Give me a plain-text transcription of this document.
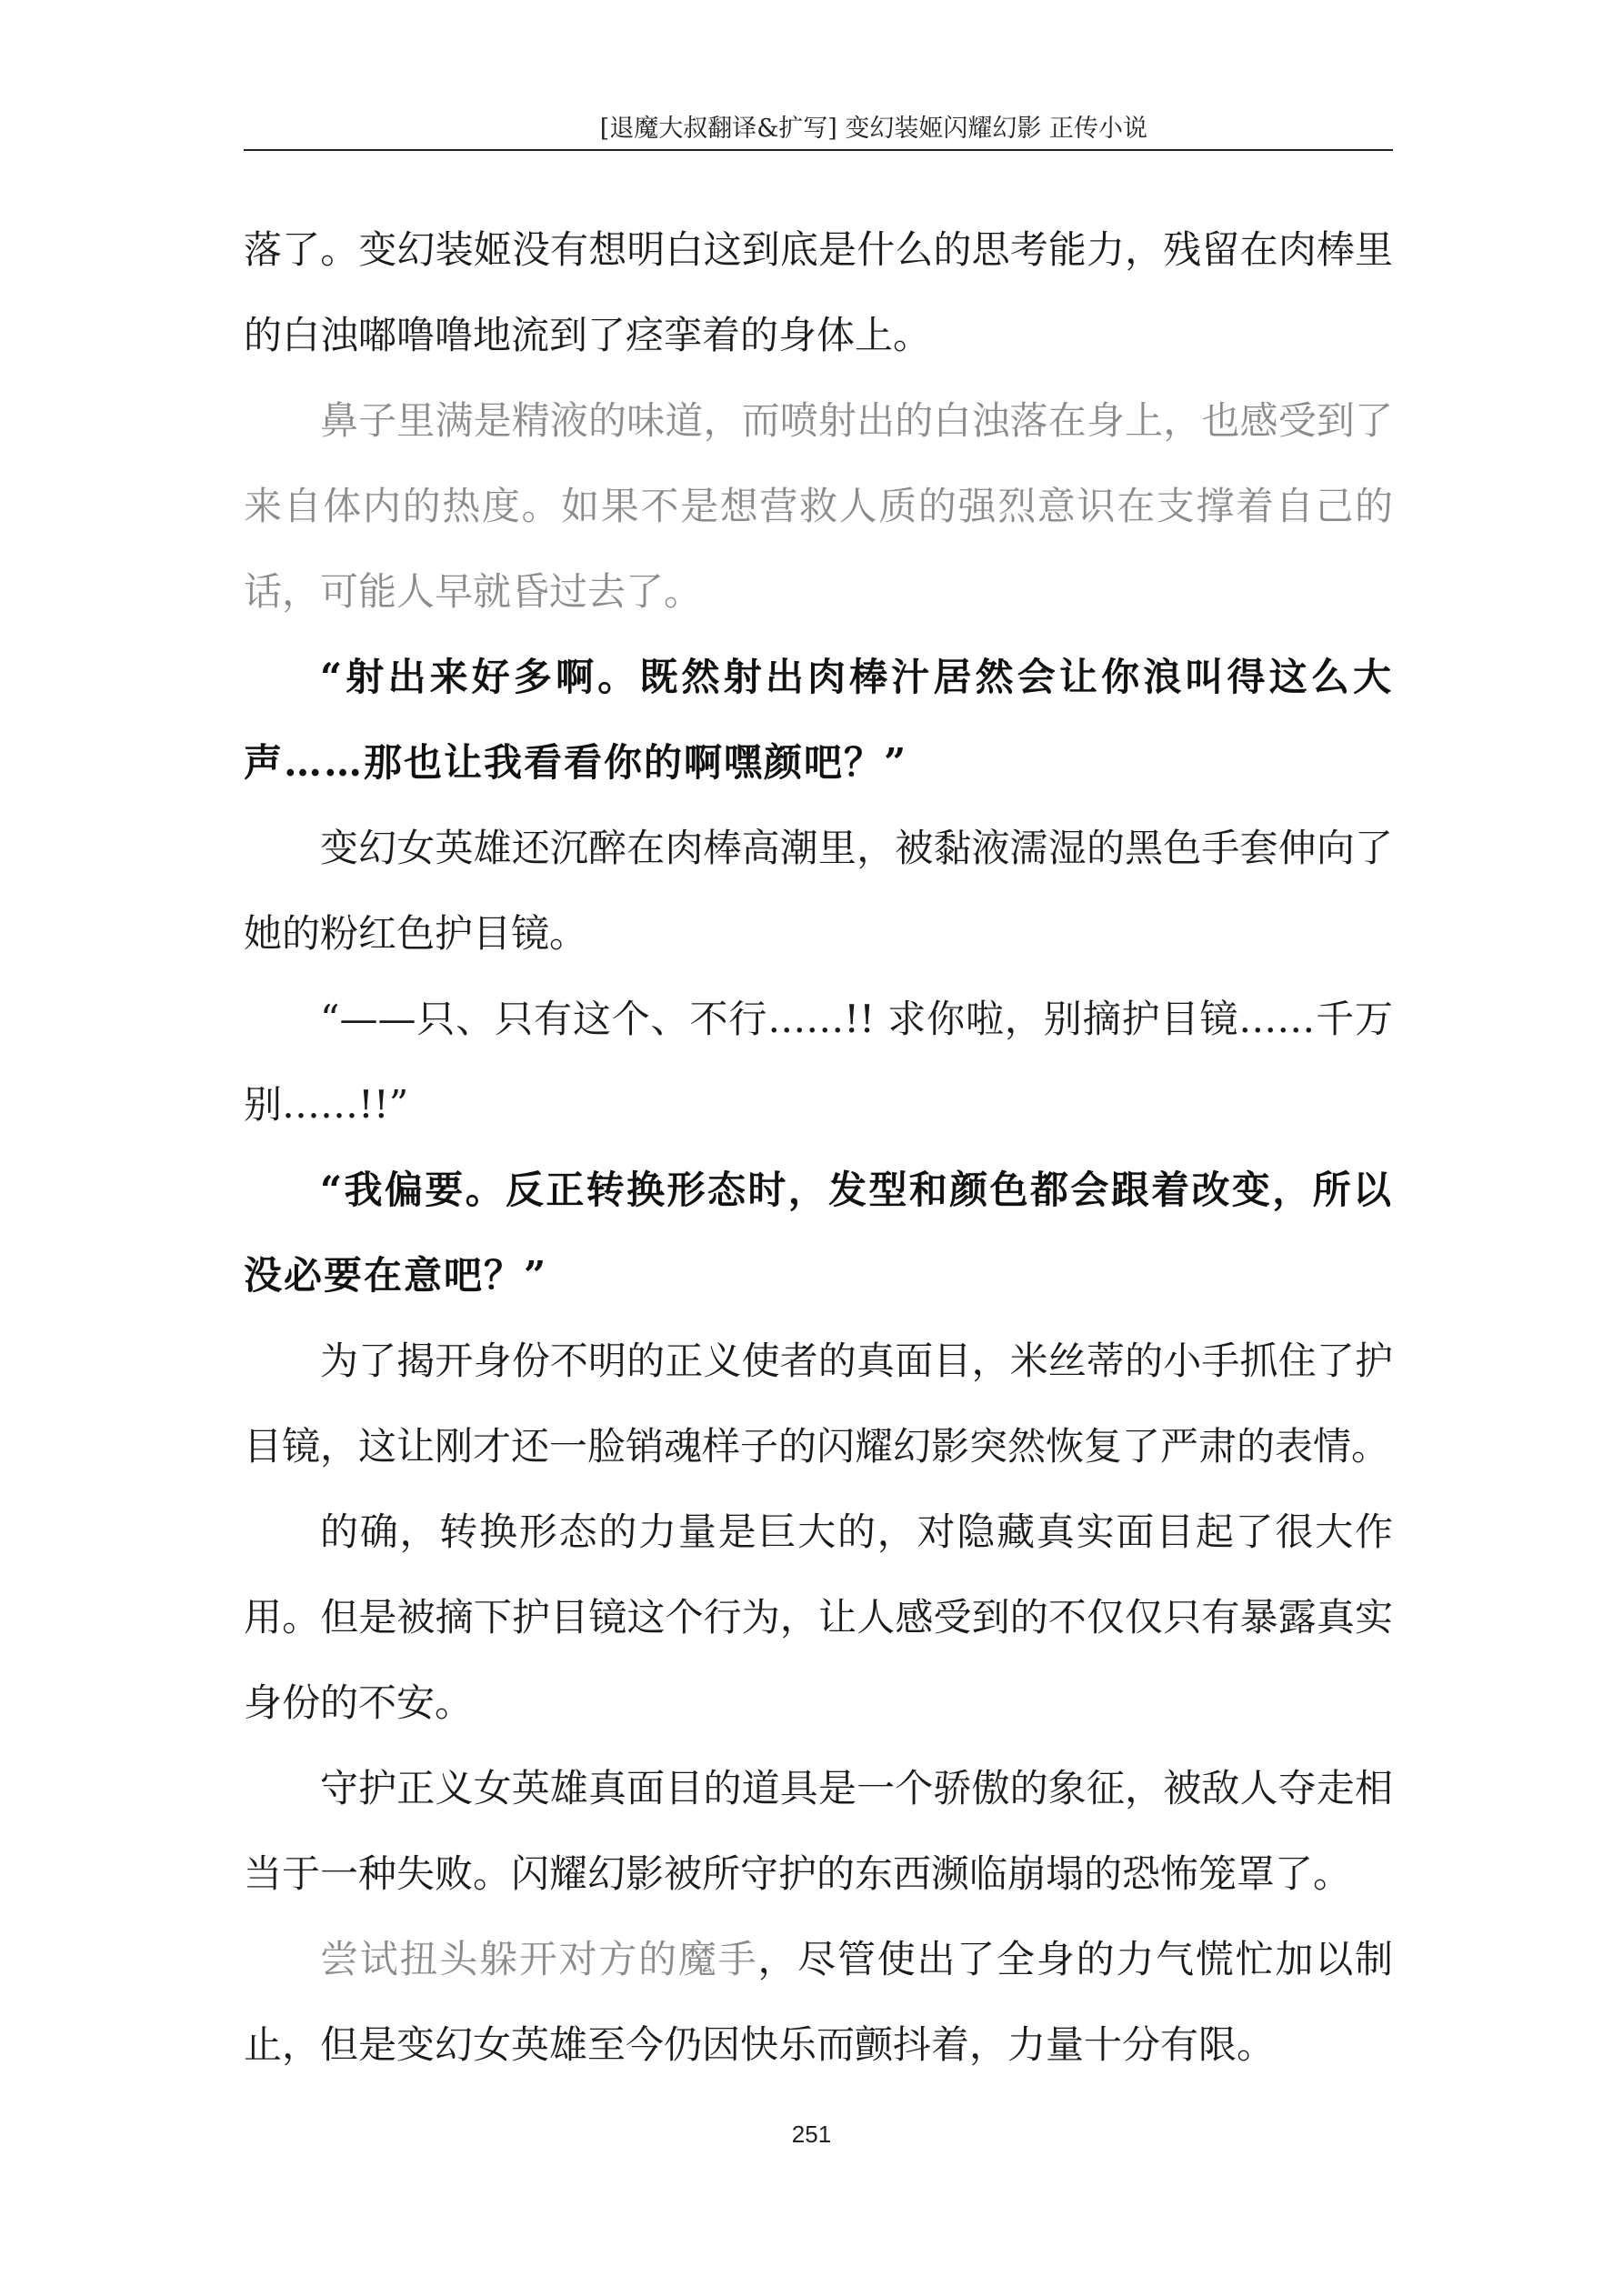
[退魔大叔翻译&扩写] 变幻装姬闪耀幻影 正传小说

落了。变幻装姬没有想明白这到底是什么的思考能力，残留在肉棒里的白浊嘟噜噜地流到了痉挛着的身体上。

鼻子里满是精液的味道，而喷射出的白浊落在身上，也感受到了来自体内的热度。如果不是想营救人质的强烈意识在支撑着自己的话，可能人早就昏过去了。

“射出来好多啊。既然射出肉棒汁居然会让你浪叫得这么大声……那也让我看看你的啊嘿颜吧？”

变幻女英雄还沉醉在肉棒高潮里，被黏液濡湿的黑色手套伸向了她的粉红色护目镜。

“——只、只有这个、不行……!! 求你啦，别摘护目镜……千万别……!!”

“我偏要。反正转换形态时，发型和颜色都会跟着改变，所以没必要在意吧？”

为了揭开身份不明的正义使者的真面目，米丝蒂的小手抓住了护目镜，这让刚才还一脸销魂样子的闪耀幻影突然恢复了严肃的表情。

的确，转换形态的力量是巨大的，对隐藏真实面目起了很大作用。但是被摘下护目镜这个行为，让人感受到的不仅仅只有暴露真实身份的不安。

守护正义女英雄真面目的道具是一个骄傲的象征，被敌人夺走相当于一种失败。闪耀幻影被所守护的东西濒临崩塌的恐怖笼罩了。

尝试扭头躲开对方的魔手，尽管使出了全身的力气慌忙加以制止，但是变幻女英雄至今仍因快乐而颤抖着，力量十分有限。

251
